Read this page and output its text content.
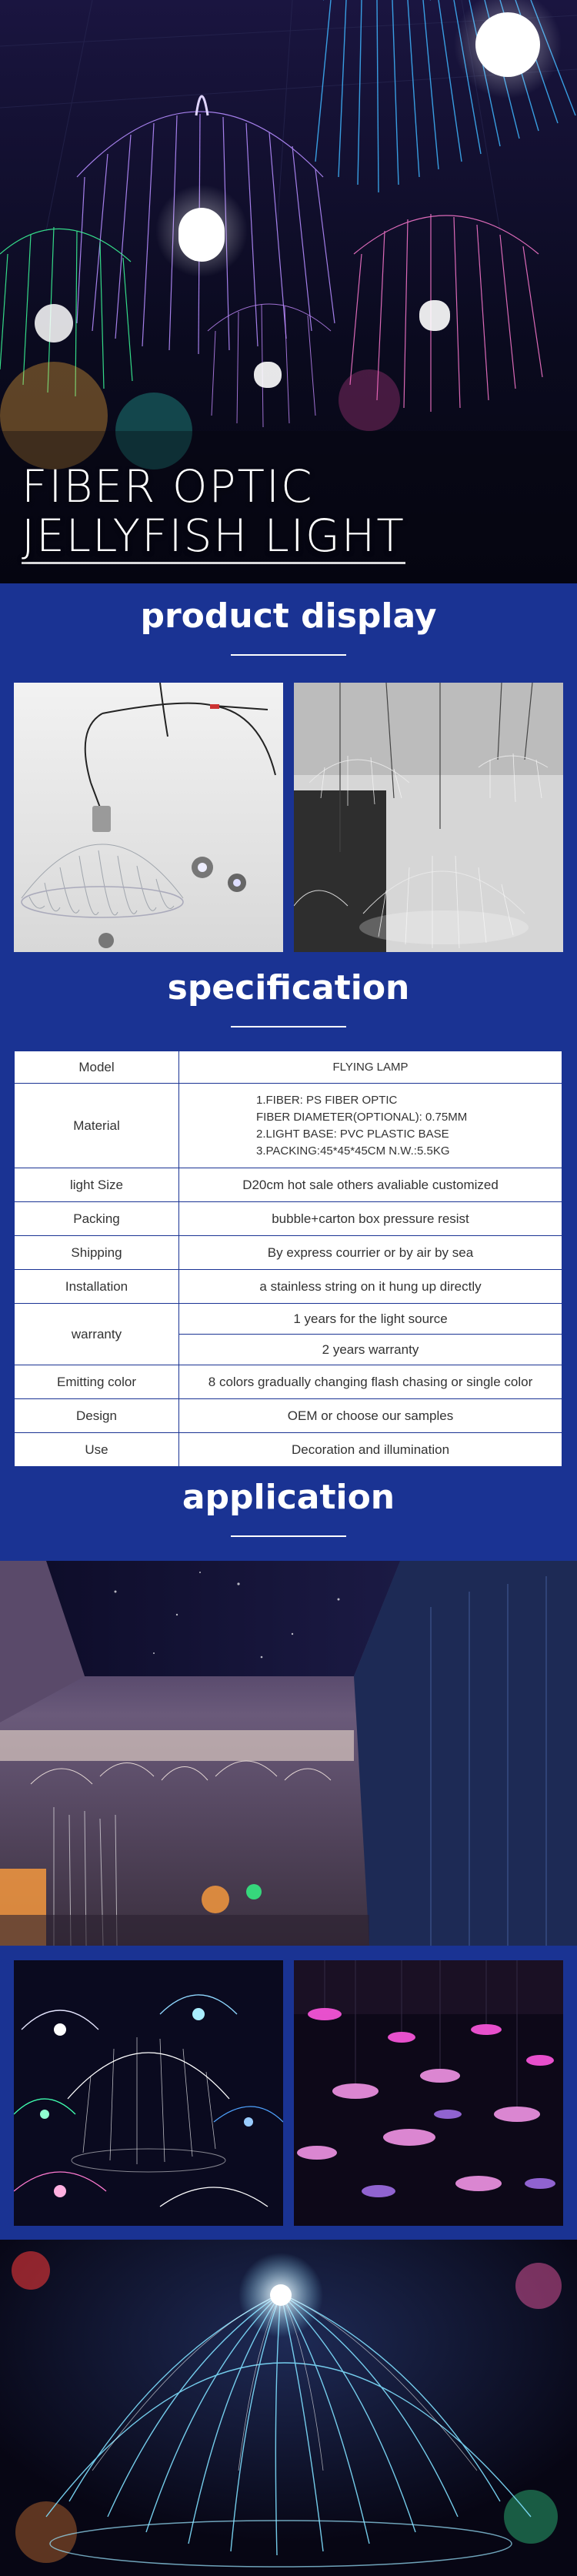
FIBER OPTIC
JELLYFISH LIGHT
product display
specification
Model	FLYING LAMP
Material	1.FIBER: PS FIBER OPTIC
FIBER DIAMETER(OPTIONAL): 0.75MM
2.LIGHT BASE: PVC PLASTIC BASE
3.PACKING:45*45*45CM N.W.:5.5KG

light Size	D20cm hot sale others avaliable customized
Packing	bubble+carton box pressure resist
Shipping	By express courrier or by air by sea
Installation	a stainless string on it hung up directly
warranty	1 years for the light source
	2 years warranty
Emitting color	8 colors gradually changing flash chasing or single color
Design	OEM or choose our samples
Use	Decoration and illumination
application
